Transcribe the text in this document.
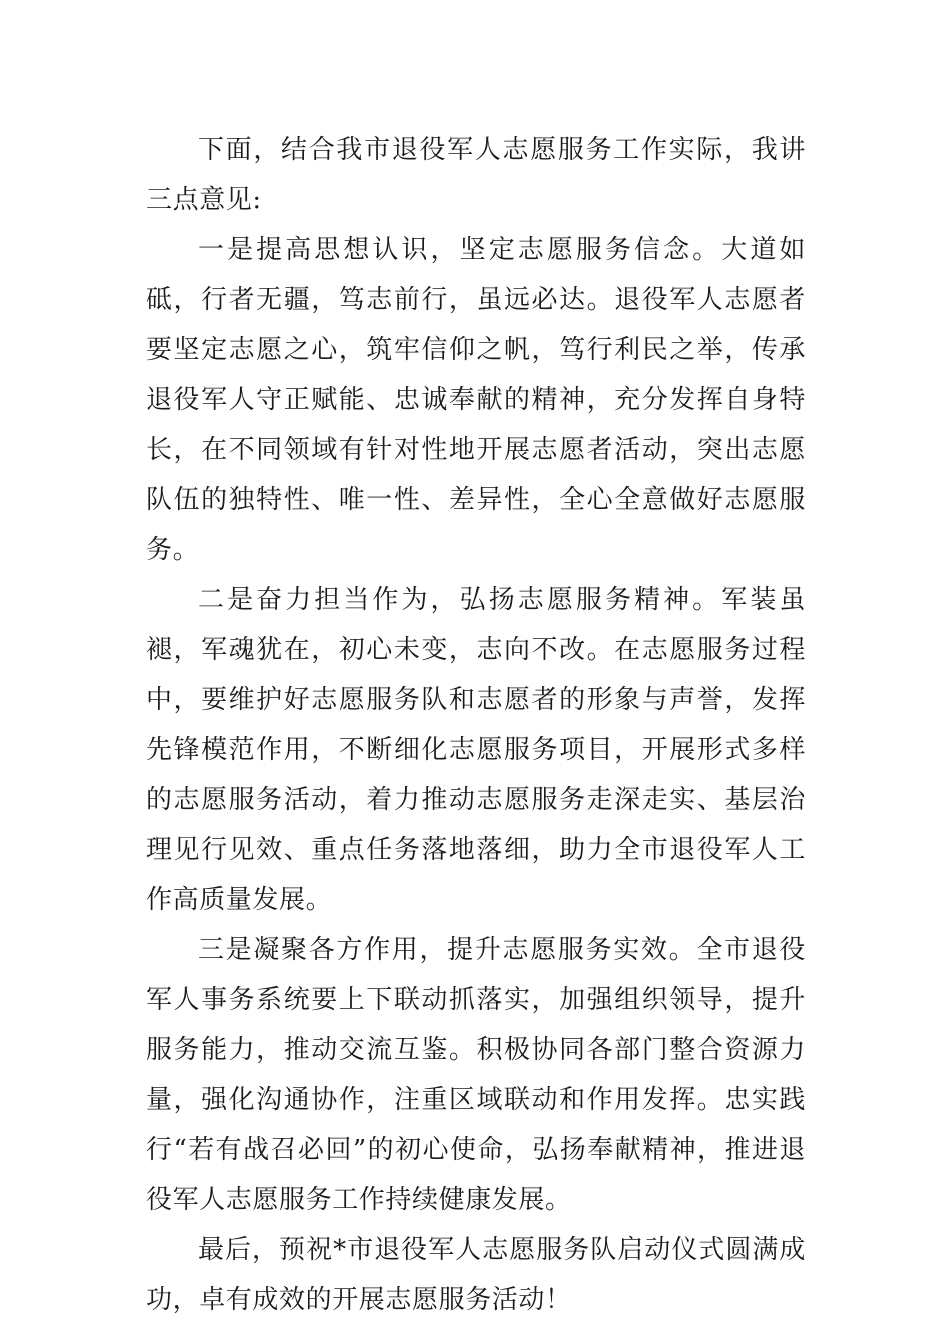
下面，结合我市退役军人志愿服务工作实际，我讲三点意见:

一是提高思想认识，坚定志愿服务信念。大道如砥，行者无疆，笃志前行，虽远必达。退役军人志愿者要坚定志愿之心，筑牢信仰之帆，笃行利民之举，传承退役军人守正赋能、忠诚奉献的精神，充分发挥自身特长，在不同领域有针对性地开展志愿者活动，突出志愿队伍的独特性、唯一性、差异性，全心全意做好志愿服务。

二是奋力担当作为，弘扬志愿服务精神。军装虽褪，军魂犹在，初心未变，志向不改。在志愿服务过程中，要维护好志愿服务队和志愿者的形象与声誉，发挥先锋模范作用，不断细化志愿服务项目，开展形式多样的志愿服务活动，着力推动志愿服务走深走实、基层治理见行见效、重点任务落地落细，助力全市退役军人工作高质量发展。

三是凝聚各方作用，提升志愿服务实效。全市退役军人事务系统要上下联动抓落实，加强组织领导，提升服务能力，推动交流互鉴。积极协同各部门整合资源力量，强化沟通协作，注重区域联动和作用发挥。忠实践行“若有战召必回”的初心使命，弘扬奉献精神，推进退役军人志愿服务工作持续健康发展。

最后，预祝*市退役军人志愿服务队启动仪式圆满成功，卓有成效的开展志愿服务活动！
